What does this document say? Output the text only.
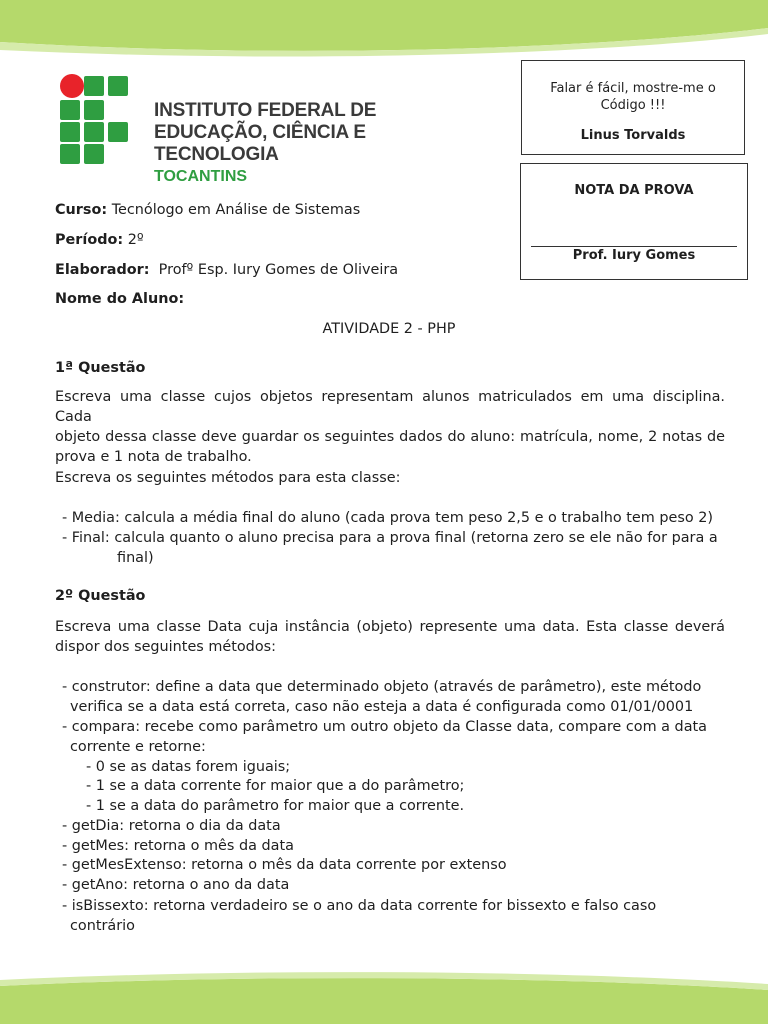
INSTITUTO FEDERAL DE
EDUCAÇÃO, CIÊNCIA E TECNOLOGIA
TOCANTINS
Falar é fácil, mostre-me o
Código !!!
Linus Torvalds
NOTA DA PROVA
Prof. Iury Gomes
Curso: Tecnólogo em Análise de Sistemas
Período: 2º
Elaborador:  Profº Esp. Iury Gomes de Oliveira
Nome do Aluno:
ATIVIDADE 2 - PHP
1ª Questão
Escreva uma classe cujos objetos representam alunos matriculados em uma disciplina. Cada
objeto dessa classe deve guardar os seguintes dados do aluno: matrícula, nome, 2 notas de
prova e 1 nota de trabalho.
Escreva os seguintes métodos para esta classe:
- Media: calcula a média final do aluno (cada prova tem peso 2,5 e o trabalho tem peso 2)
- Final: calcula quanto o aluno precisa para a prova final (retorna zero se ele não for para a
final)
2º Questão
Escreva uma classe Data cuja instância (objeto) represente uma data. Esta classe deverá
dispor dos seguintes métodos:
- construtor: define a data que determinado objeto (através de parâmetro), este método
verifica se a data está correta, caso não esteja a data é configurada como 01/01/0001
- compara: recebe como parâmetro um outro objeto da Classe data, compare com a data
corrente e retorne:
- 0 se as datas forem iguais;
- 1 se a data corrente for maior que a do parâmetro;
- 1 se a data do parâmetro for maior que a corrente.
- getDia: retorna o dia da data
- getMes: retorna o mês da data
- getMesExtenso: retorna o mês da data corrente por extenso
- getAno: retorna o ano da data
- isBissexto: retorna verdadeiro se o ano da data corrente for bissexto e falso caso
contrário
